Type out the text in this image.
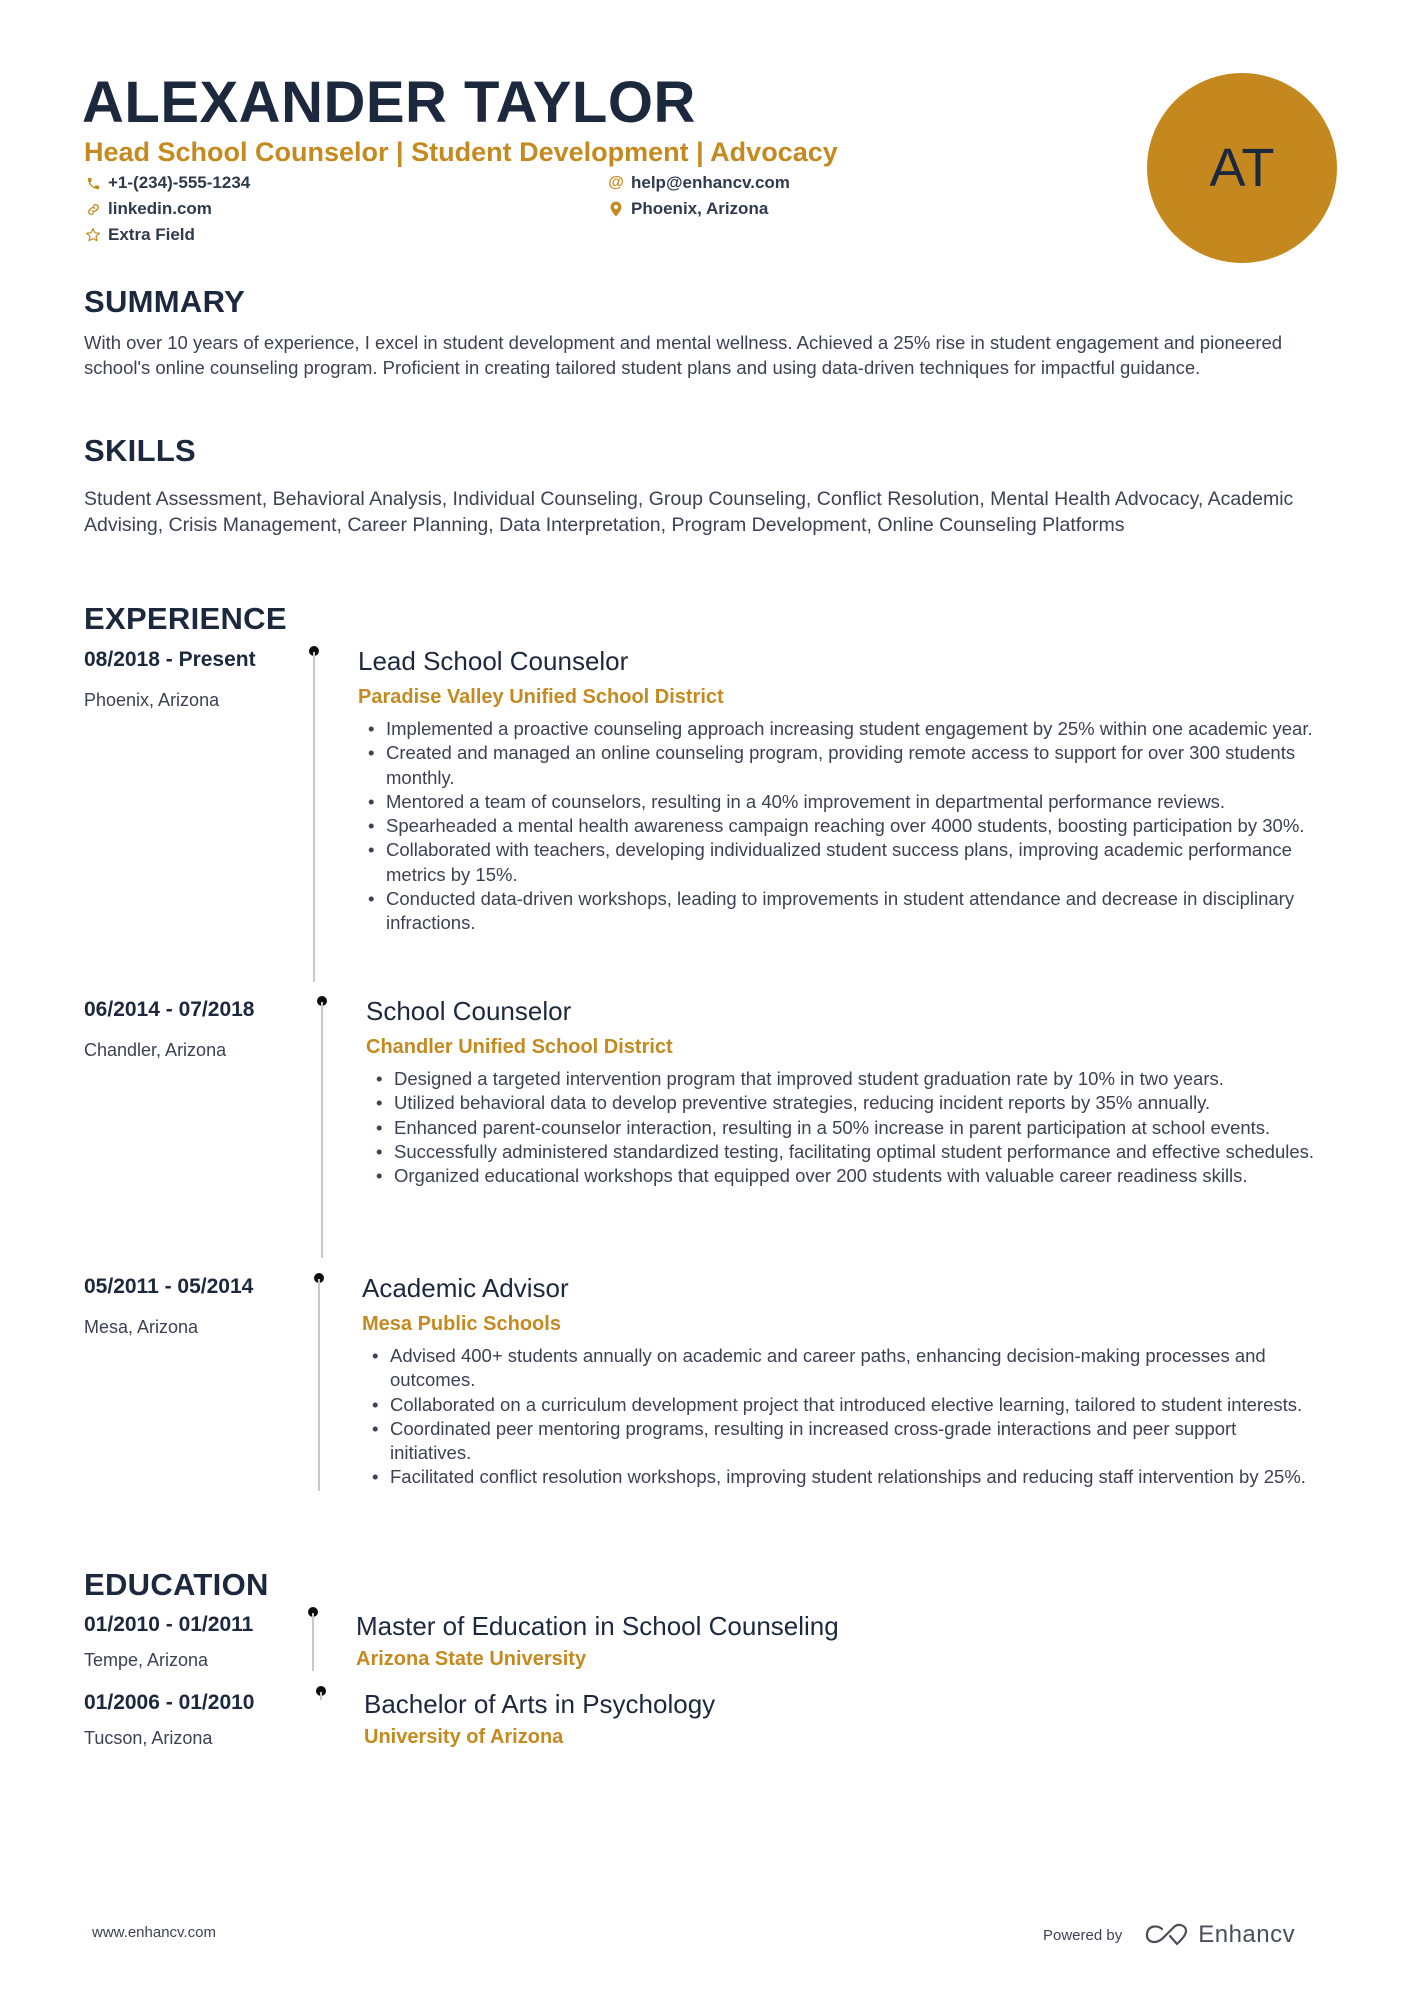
ALEXANDER TAYLOR
Head School Counselor | Student Development | Advocacy
+1-(234)-555-1234
linkedin.com
Extra Field
@ help@enhancv.com
Phoenix, Arizona
AT
SUMMARY
With over 10 years of experience, I excel in student development and mental wellness. Achieved a 25% rise in student engagement and pioneered school's online counseling program. Proficient in creating tailored student plans and using data-driven techniques for impactful guidance.
SKILLS
Student Assessment, Behavioral Analysis, Individual Counseling, Group Counseling, Conflict Resolution, Mental Health Advocacy, Academic Advising, Crisis Management, Career Planning, Data Interpretation, Program Development, Online Counseling Platforms
EXPERIENCE
08/2018 - Present
Phoenix, Arizona
Lead School Counselor
Paradise Valley Unified School District
• Implemented a proactive counseling approach increasing student engagement by 25% within one academic year.
• Created and managed an online counseling program, providing remote access to support for over 300 students monthly.
• Mentored a team of counselors, resulting in a 40% improvement in departmental performance reviews.
• Spearheaded a mental health awareness campaign reaching over 4000 students, boosting participation by 30%.
• Collaborated with teachers, developing individualized student success plans, improving academic performance metrics by 15%.
• Conducted data-driven workshops, leading to improvements in student attendance and decrease in disciplinary infractions.
06/2014 - 07/2018
Chandler, Arizona
School Counselor
Chandler Unified School District
• Designed a targeted intervention program that improved student graduation rate by 10% in two years.
• Utilized behavioral data to develop preventive strategies, reducing incident reports by 35% annually.
• Enhanced parent-counselor interaction, resulting in a 50% increase in parent participation at school events.
• Successfully administered standardized testing, facilitating optimal student performance and effective schedules.
• Organized educational workshops that equipped over 200 students with valuable career readiness skills.
05/2011 - 05/2014
Mesa, Arizona
Academic Advisor
Mesa Public Schools
• Advised 400+ students annually on academic and career paths, enhancing decision-making processes and outcomes.
• Collaborated on a curriculum development project that introduced elective learning, tailored to student interests.
• Coordinated peer mentoring programs, resulting in increased cross-grade interactions and peer support initiatives.
• Facilitated conflict resolution workshops, improving student relationships and reducing staff intervention by 25%.
EDUCATION
01/2010 - 01/2011
Tempe, Arizona
Master of Education in School Counseling
Arizona State University
01/2006 - 01/2010
Tucson, Arizona
Bachelor of Arts in Psychology
University of Arizona
www.enhancv.com	Powered by	Enhancv
